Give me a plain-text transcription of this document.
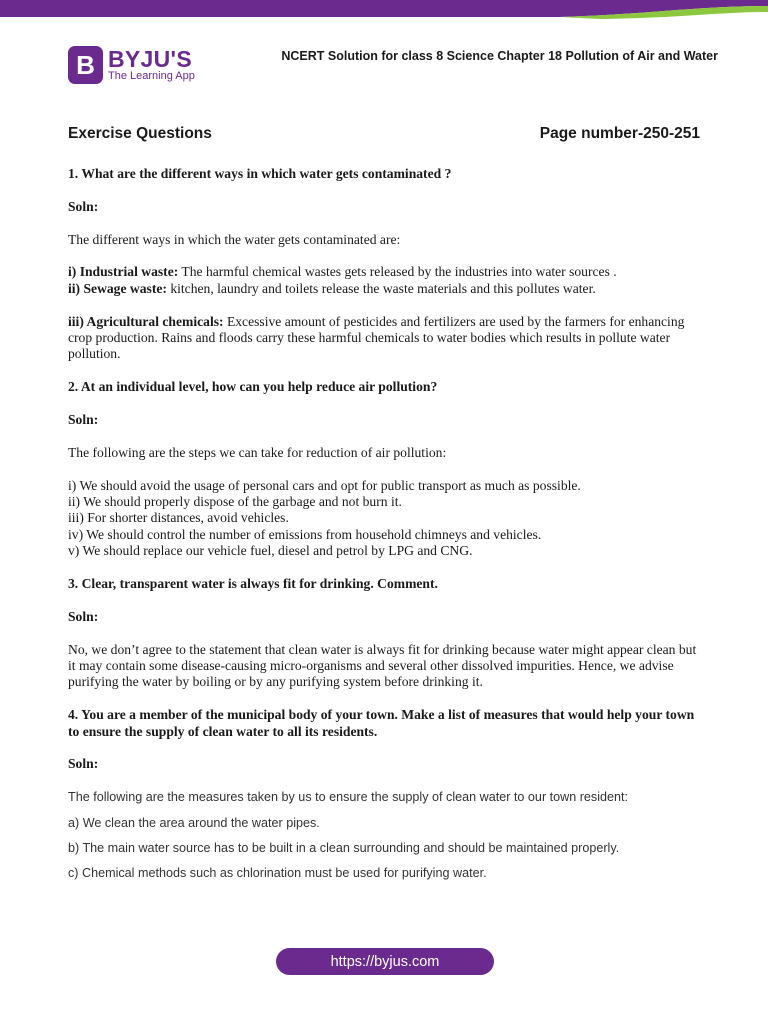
B BYJU'S
The Learning App
NCERT Solution for class 8 Science Chapter 18 Pollution of Air and Water
Exercise Questions	Page number-250-251

1. What are the different ways in which water gets contaminated ?

Soln:

The different ways in which the water gets contaminated are:

i) Industrial waste: The harmful chemical wastes gets released by the industries into water sources .

ii) Sewage waste: kitchen, laundry and toilets release the waste materials and this pollutes water.

iii) Agricultural chemicals: Excessive amount of pesticides and fertilizers are used by the farmers for enhancing crop production. Rains and floods carry these harmful chemicals to water bodies which results in pollute water pollution.

2. At an individual level, how can you help reduce air pollution?

Soln:

The following are the steps we can take for reduction of air pollution:

i) We should avoid the usage of personal cars and opt for public transport as much as possible.

ii) We should properly dispose of the garbage and not burn it.

iii) For shorter distances, avoid vehicles.

iv) We should control the number of emissions from household chimneys and vehicles.

v) We should replace our vehicle fuel, diesel and petrol by LPG and CNG.

3. Clear, transparent water is always fit for drinking. Comment.

Soln:

No, we don’t agree to the statement that clean water is always fit for drinking because water might appear clean but it may contain some disease-causing micro-organisms and several other dissolved impurities. Hence, we advise purifying the water by boiling or by any purifying system before drinking it.

4. You are a member of the municipal body of your town. Make a list of measures that would help your town to ensure the supply of clean water to all its residents.

Soln:

The following are the measures taken by us to ensure the supply of clean water to our town resident:

a) We clean the area around the water pipes.

b) The main water source has to be built in a clean surrounding and should be maintained properly.

c) Chemical methods such as chlorination must be used for purifying water.

https://byjus.com
